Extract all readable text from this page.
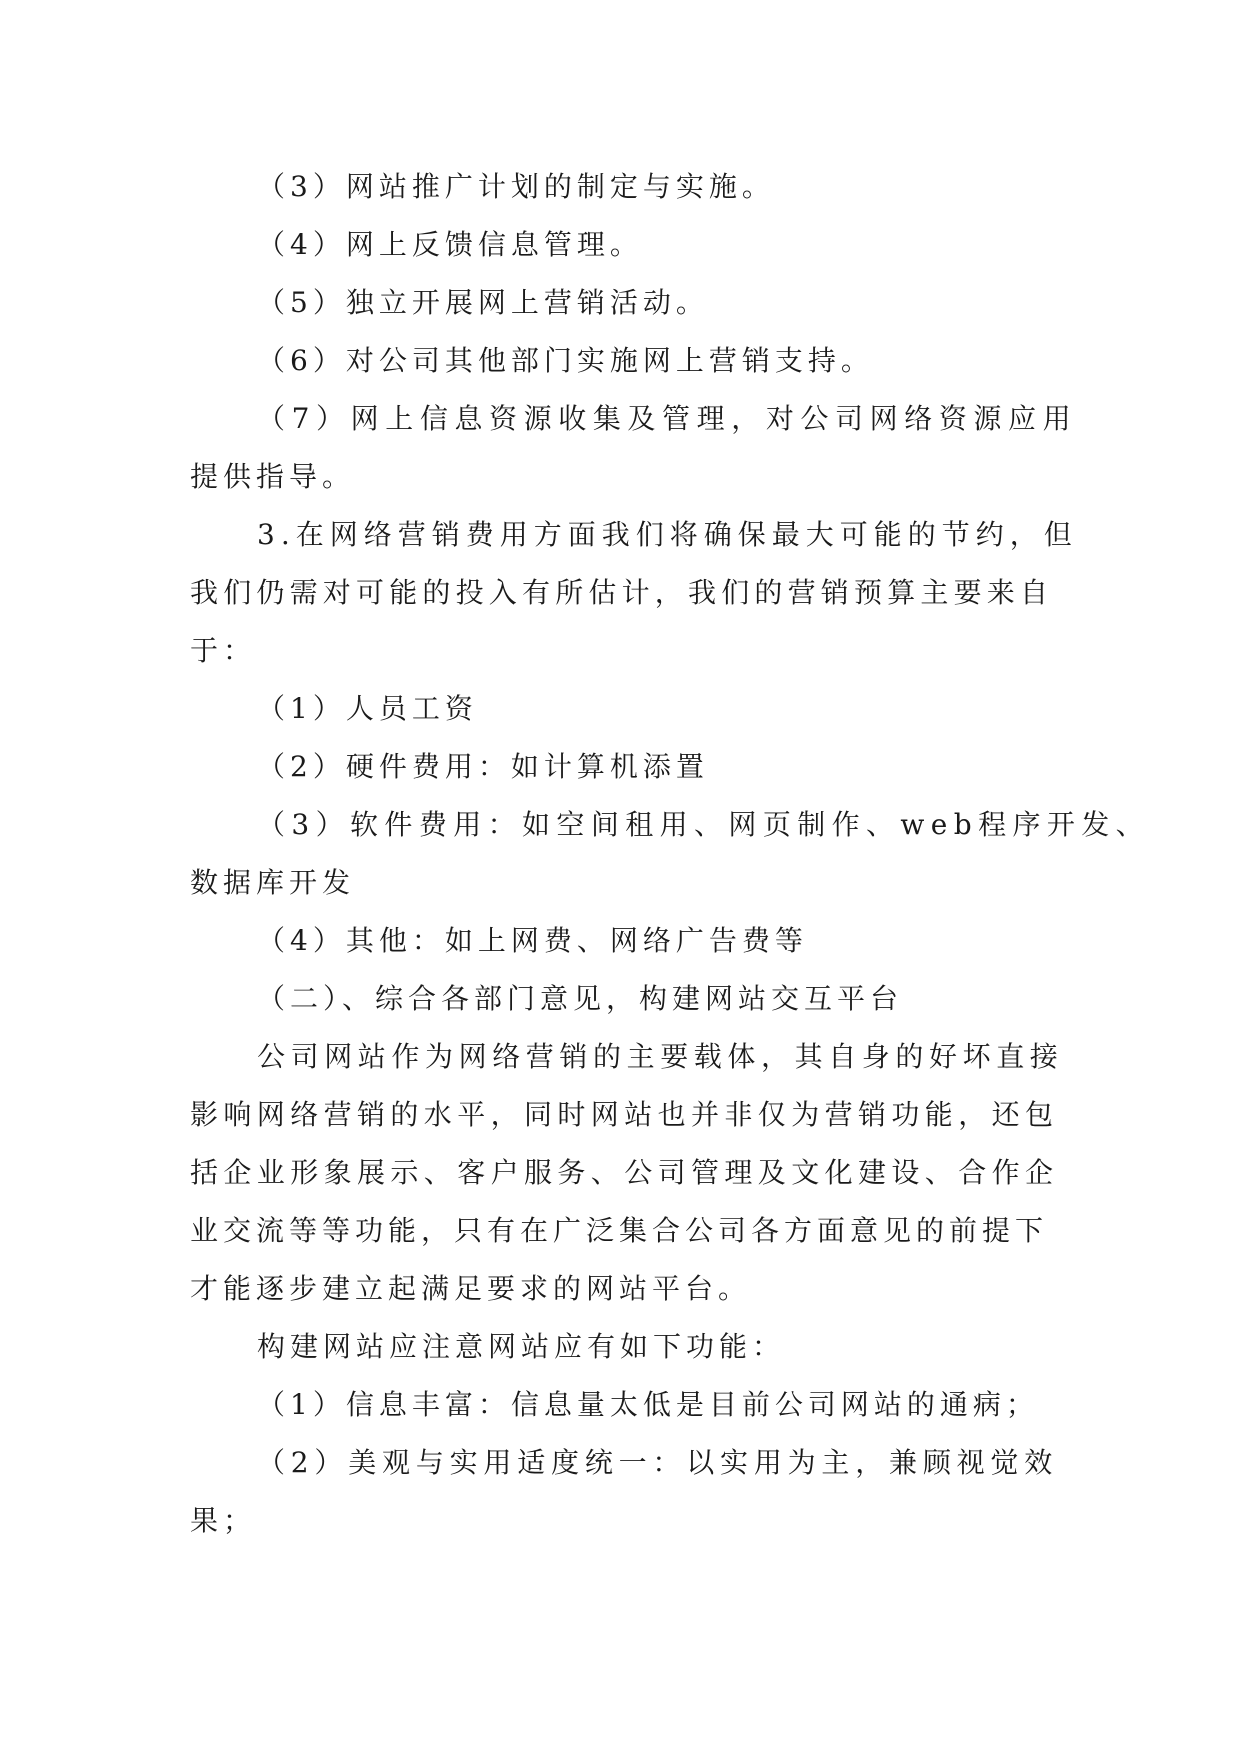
（3）网站推广计划的制定与实施。
（4）网上反馈信息管理。
（5）独立开展网上营销活动。
（6）对公司其他部门实施网上营销支持。
（7）网上信息资源收集及管理，对公司网络资源应用
提供指导。
3.在网络营销费用方面我们将确保最大可能的节约，但
我们仍需对可能的投入有所估计，我们的营销预算主要来自
于：
（1）人员工资
（2）硬件费用：如计算机添置
（3）软件费用：如空间租用、网页制作、web程序开发、
数据库开发
（4）其他：如上网费、网络广告费等
（二）、综合各部门意见，构建网站交互平台
公司网站作为网络营销的主要载体，其自身的好坏直接
影响网络营销的水平，同时网站也并非仅为营销功能，还包
括企业形象展示、客户服务、公司管理及文化建设、合作企
业交流等等功能，只有在广泛集合公司各方面意见的前提下
才能逐步建立起满足要求的网站平台。
构建网站应注意网站应有如下功能：
（1）信息丰富：信息量太低是目前公司网站的通病；
（2）美观与实用适度统一：以实用为主，兼顾视觉效
果；
